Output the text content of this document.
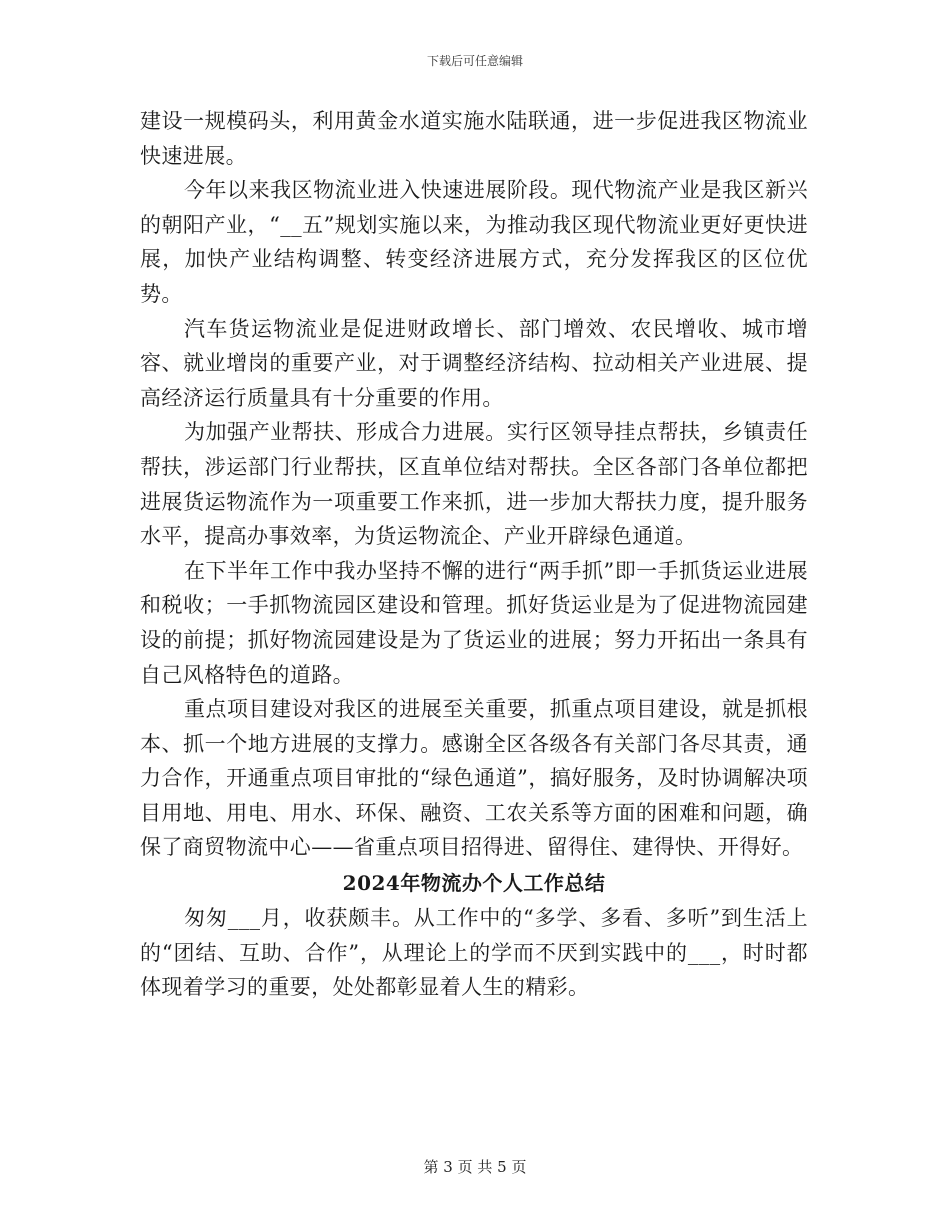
下载后可任意编辑

建设一规模码头，利用黄金水道实施水陆联通，进一步促进我区物流业快速进展。

今年以来我区物流业进入快速进展阶段。现代物流产业是我区新兴的朝阳产业，“__五”规划实施以来，为推动我区现代物流业更好更快进展，加快产业结构调整、转变经济进展方式，充分发挥我区的区位优势。

汽车货运物流业是促进财政增长、部门增效、农民增收、城市增容、就业增岗的重要产业，对于调整经济结构、拉动相关产业进展、提高经济运行质量具有十分重要的作用。

为加强产业帮扶、形成合力进展。实行区领导挂点帮扶，乡镇责任帮扶，涉运部门行业帮扶，区直单位结对帮扶。全区各部门各单位都把进展货运物流作为一项重要工作来抓，进一步加大帮扶力度，提升服务水平，提高办事效率，为货运物流企、产业开辟绿色通道。

在下半年工作中我办坚持不懈的进行“两手抓”即一手抓货运业进展和税收；一手抓物流园区建设和管理。抓好货运业是为了促进物流园建设的前提；抓好物流园建设是为了货运业的进展；努力开拓出一条具有自己风格特色的道路。

重点项目建设对我区的进展至关重要，抓重点项目建设，就是抓根本、抓一个地方进展的支撑力。感谢全区各级各有关部门各尽其责，通力合作，开通重点项目审批的“绿色通道”，搞好服务，及时协调解决项目用地、用电、用水、环保、融资、工农关系等方面的困难和问题，确保了商贸物流中心——省重点项目招得进、留得住、建得快、开得好。

2024年物流办个人工作总结

匆匆___月，收获颇丰。从工作中的“多学、多看、多听”到生活上的“团结、互助、合作”，从理论上的学而不厌到实践中的___，时时都体现着学习的重要，处处都彰显着人生的精彩。

第 3 页 共 5 页
